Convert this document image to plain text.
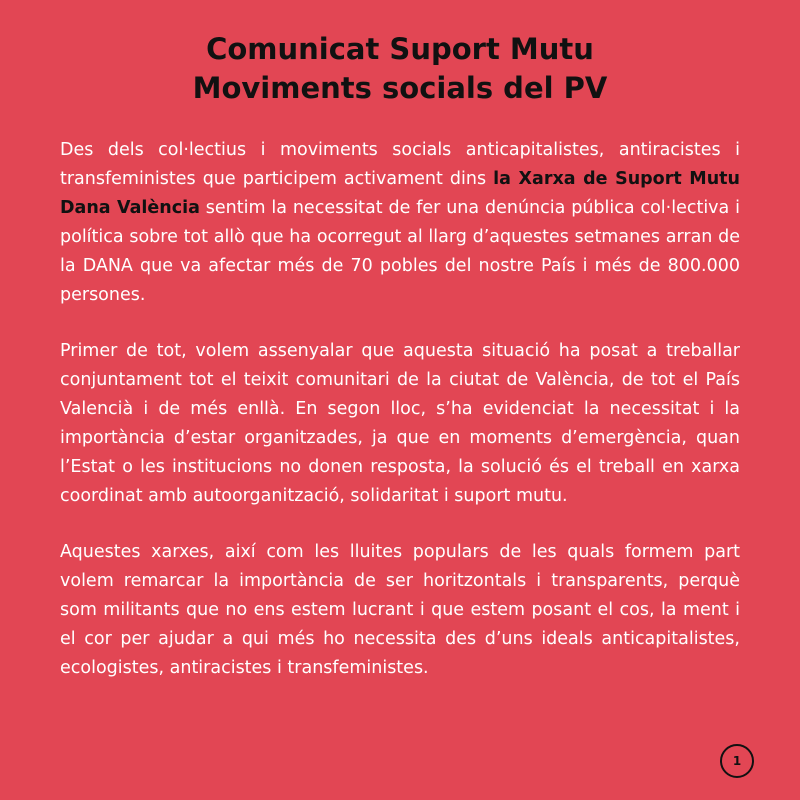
Comunicat Suport Mutu
Moviments socials del PV

Des dels col·lectius i moviments socials anticapitalistes, antiracistes i transfeministes que participem activament dins la Xarxa de Suport Mutu Dana València sentim la necessitat de fer una denúncia pública col·lectiva i política sobre tot allò que ha ocorregut al llarg d’aquestes setmanes arran de la DANA que va afectar més de 70 pobles del nostre País i més de 800.000 persones.

Primer de tot, volem assenyalar que aquesta situació ha posat a treballar conjuntament tot el teixit comunitari de la ciutat de València, de tot el País Valencià i de més enllà. En segon lloc, s’ha evidenciat la necessitat i la importància d’estar organitzades, ja que en moments d’emergència, quan l’Estat o les institucions no donen resposta, la solució és el treball en xarxa coordinat amb autoorganització, solidaritat i suport mutu.

Aquestes xarxes, així com les lluites populars de les quals formem part volem remarcar la importància de ser horitzontals i transparents, perquè som militants que no ens estem lucrant i que estem posant el cos, la ment i el cor per ajudar a qui més ho necessita des d’uns ideals anticapitalistes, ecologistes, antiracistes i transfeministes.

1
